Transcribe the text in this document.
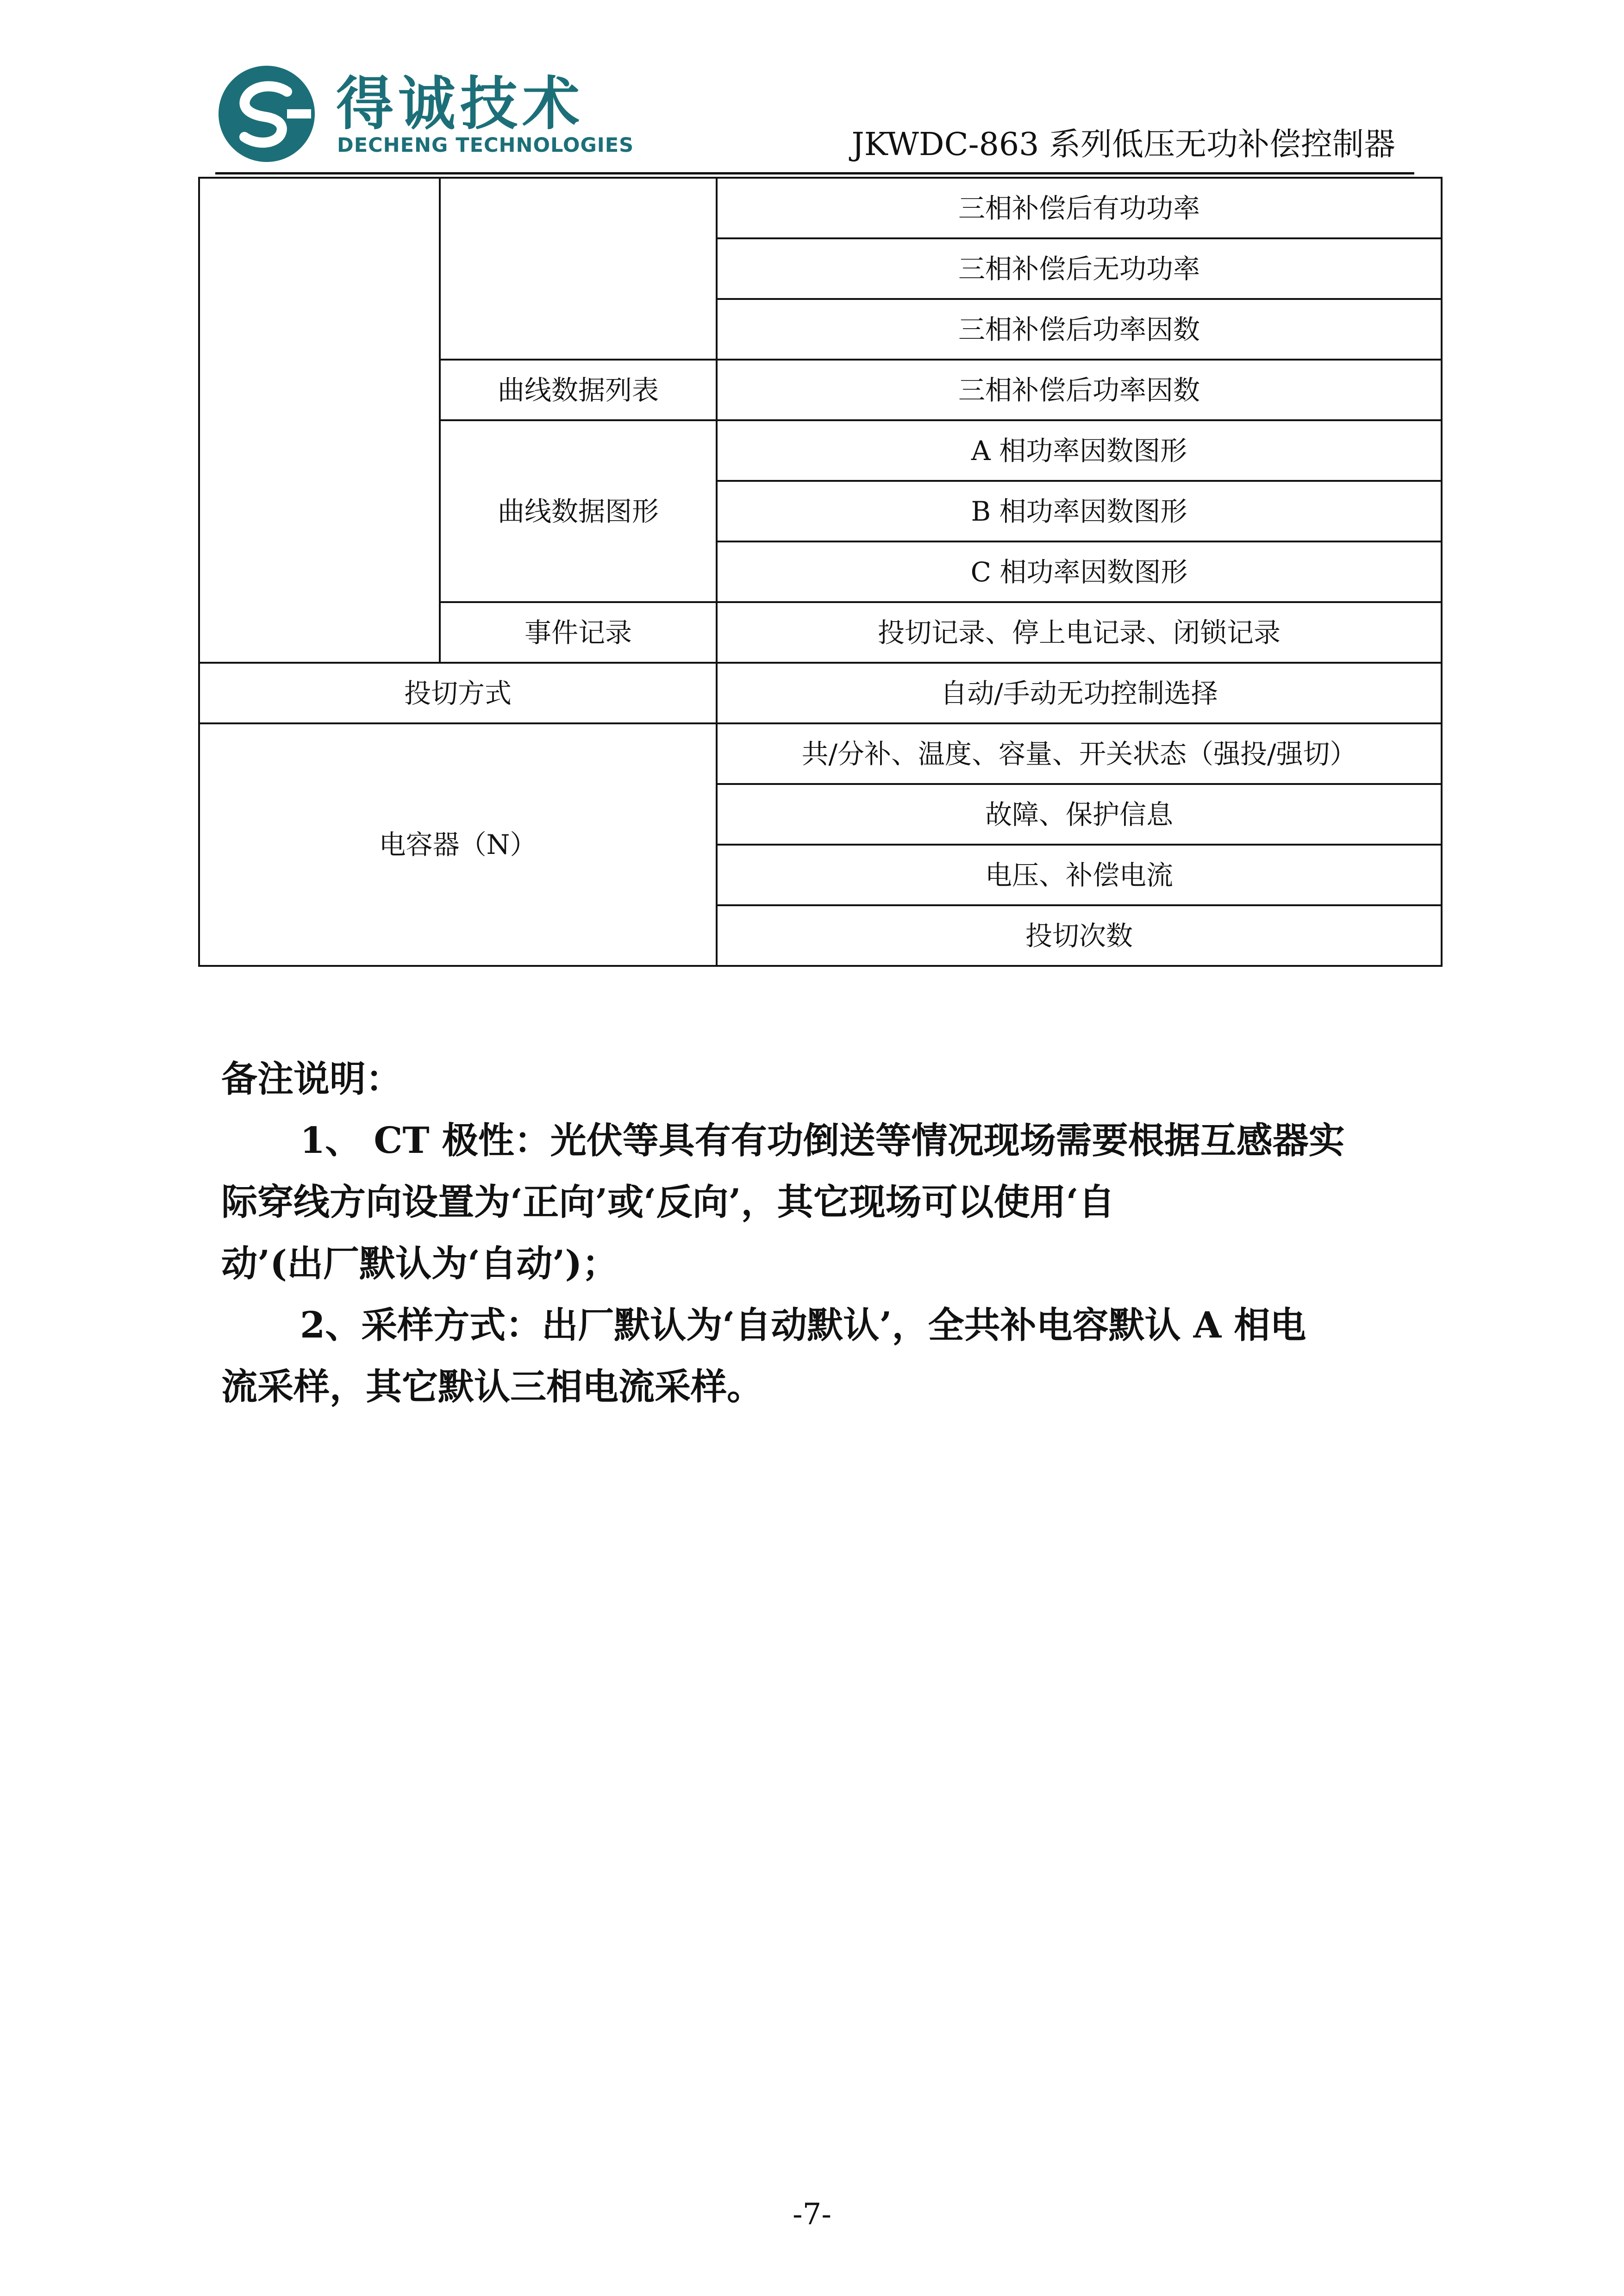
得诚技术
DECHENG TECHNOLOGIES	JKWDC-863 系列低压无功补偿控制器
		三相补偿后有功功率
		三相补偿后无功功率
		三相补偿后功率因数
	曲线数据列表	三相补偿后功率因数
	曲线数据图形	A 相功率因数图形
		B 相功率因数图形
		C 相功率因数图形
	事件记录	投切记录、停上电记录、闭锁记录
投切方式		自动/手动无功控制选择
电容器（N）		共/分补、温度、容量、开关状态（强投/强切）
		故障、保护信息
		电压、补偿电流
		投切次数

备注说明：

1、 CT 极性：光伏等具有有功倒送等情况现场需要根据互感器实

际穿线方向设置为‘正向’或‘反向’，其它现场可以使用‘自

动’(出厂默认为‘自动’)；

2、采样方式：出厂默认为‘自动默认’，全共补电容默认 A 相电

流采样，其它默认三相电流采样。

-7-
